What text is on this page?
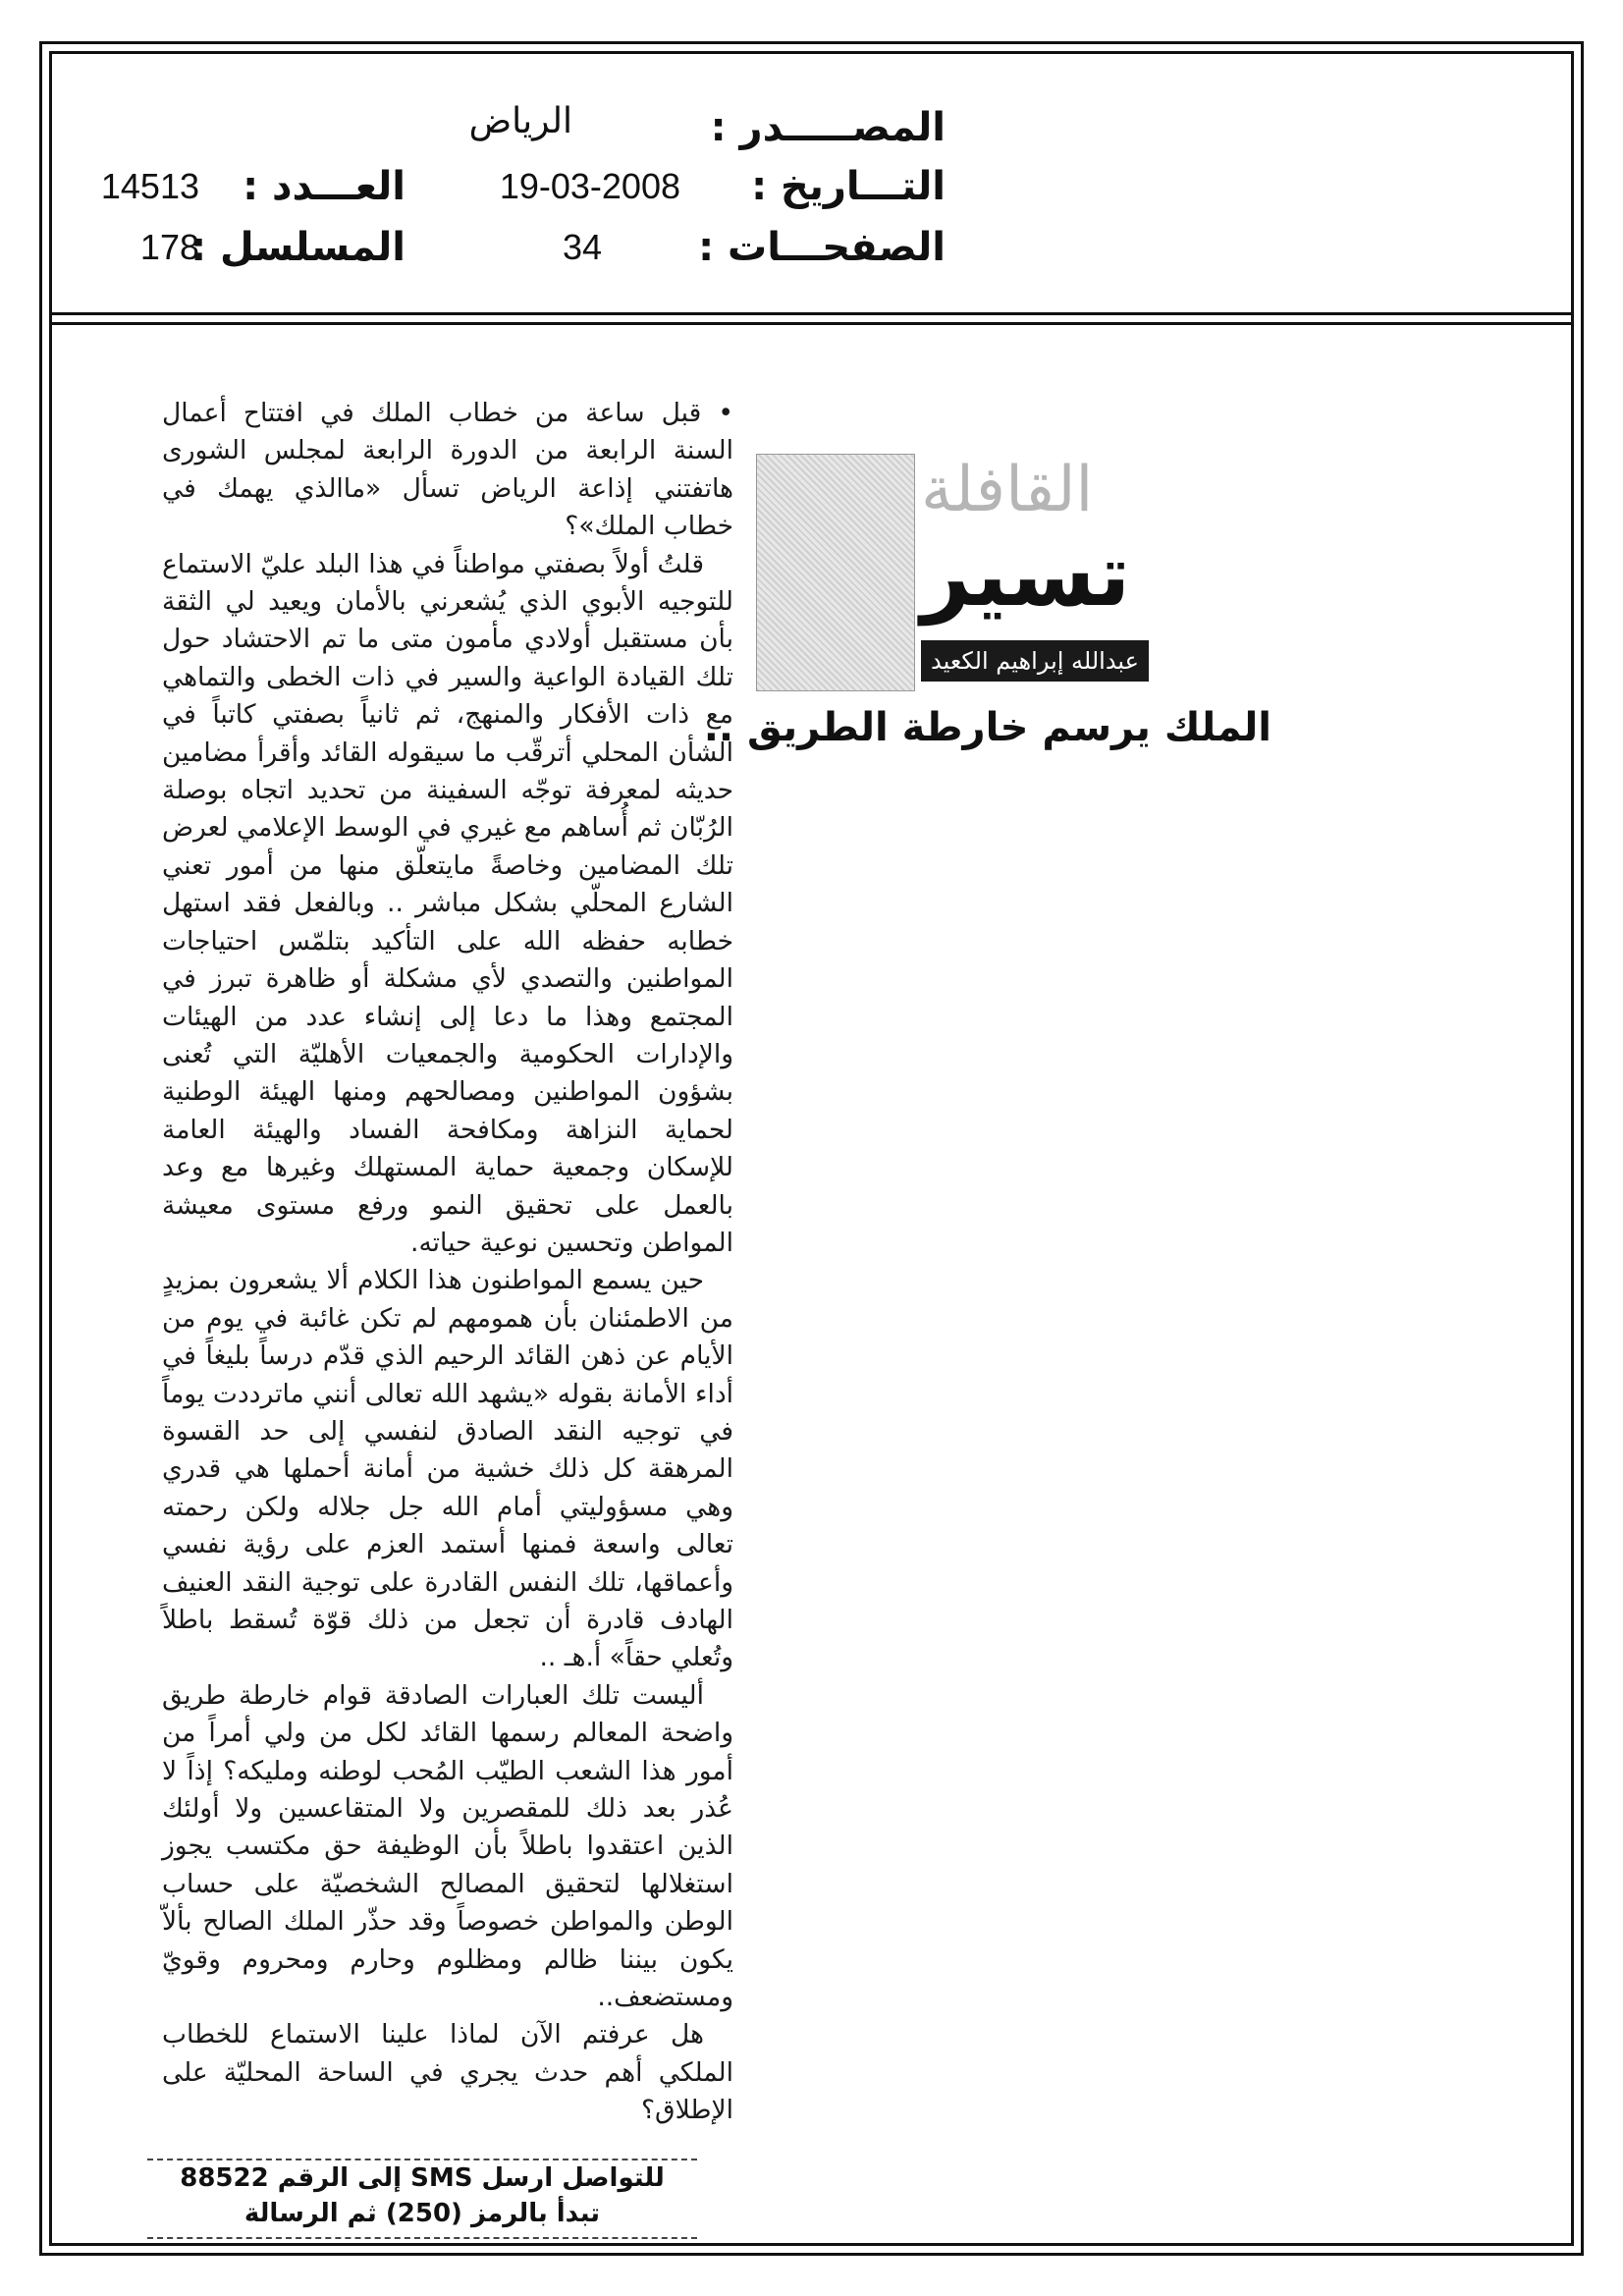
المصـــــدر :
الرياض
التـــاريخ :
19-03-2008
العـــدد :
14513
الصفحـــات :
34
المسلسل :
178
القافلة
تسير
عبدالله إبراهيم الكعيد
الملك يرسم خارطة الطريق ..

• قبل ساعة من خطاب الملك في افتتاح أعمال السنة الرابعة من الدورة الرابعة لمجلس الشورى هاتفتني إذاعة الرياض تسأل «ماالذي يهمك في خطاب الملك»؟

قلتُ أولاً بصفتي مواطناً في هذا البلد عليّ الاستماع للتوجيه الأبوي الذي يُشعرني بالأمان ويعيد لي الثقة بأن مستقبل أولادي مأمون متى ما تم الاحتشاد حول تلك القيادة الواعية والسير في ذات الخطى والتماهي مع ذات الأفكار والمنهج، ثم ثانياً بصفتي كاتباً في الشأن المحلي أترقّب ما سيقوله القائد وأقرأ مضامين حديثه لمعرفة توجّه السفينة من تحديد اتجاه بوصلة الرُبّان ثم أُساهم مع غيري في الوسط الإعلامي لعرض تلك المضامين وخاصةً مايتعلّق منها من أمور تعني الشارع المحلّي بشكل مباشر .. وبالفعل فقد استهل خطابه حفظه الله على التأكيد بتلمّس احتياجات المواطنين والتصدي لأي مشكلة أو ظاهرة تبرز في المجتمع وهذا ما دعا إلى إنشاء عدد من الهيئات والإدارات الحكومية والجمعيات الأهليّة التي تُعنى بشؤون المواطنين ومصالحهم ومنها الهيئة الوطنية لحماية النزاهة ومكافحة الفساد والهيئة العامة للإسكان وجمعية حماية المستهلك وغيرها مع وعد بالعمل على تحقيق النمو ورفع مستوى معيشة المواطن وتحسين نوعية حياته.

حين يسمع المواطنون هذا الكلام ألا يشعرون بمزيدٍ من الاطمئنان بأن همومهم لم تكن غائبة في يوم من الأيام عن ذهن القائد الرحيم الذي قدّم درساً بليغاً في أداء الأمانة بقوله «يشهد الله تعالى أنني ماترددت يوماً في توجيه النقد الصادق لنفسي إلى حد القسوة المرهقة كل ذلك خشية من أمانة أحملها هي قدري وهي مسؤوليتي أمام الله جل جلاله ولكن رحمته تعالى واسعة فمنها أستمد العزم على رؤية نفسي وأعماقها، تلك النفس القادرة على توجية النقد العنيف الهادف قادرة أن تجعل من ذلك قوّة تُسقط باطلاً وتُعلي حقاً» أ.هـ ..

أليست تلك العبارات الصادقة قوام خارطة طريق واضحة المعالم رسمها القائد لكل من ولي أمراً من أمور هذا الشعب الطيّب المُحب لوطنه ومليكه؟ إذاً لا عُذر بعد ذلك للمقصرين ولا المتقاعسين ولا أولئك الذين اعتقدوا باطلاً بأن الوظيفة حق مكتسب يجوز استغلالها لتحقيق المصالح الشخصيّة على حساب الوطن والمواطن خصوصاً وقد حذّر الملك الصالح بألاّ يكون بيننا ظالم ومظلوم وحارم ومحروم وقويّ ومستضعف..

هل عرفتم الآن لماذا علينا الاستماع للخطاب الملكي أهم حدث يجري في الساحة المحليّة على الإطلاق؟

للتواصل ارسل SMS إلى الرقم 88522
تبدأ بالرمز (250) ثم الرسالة
